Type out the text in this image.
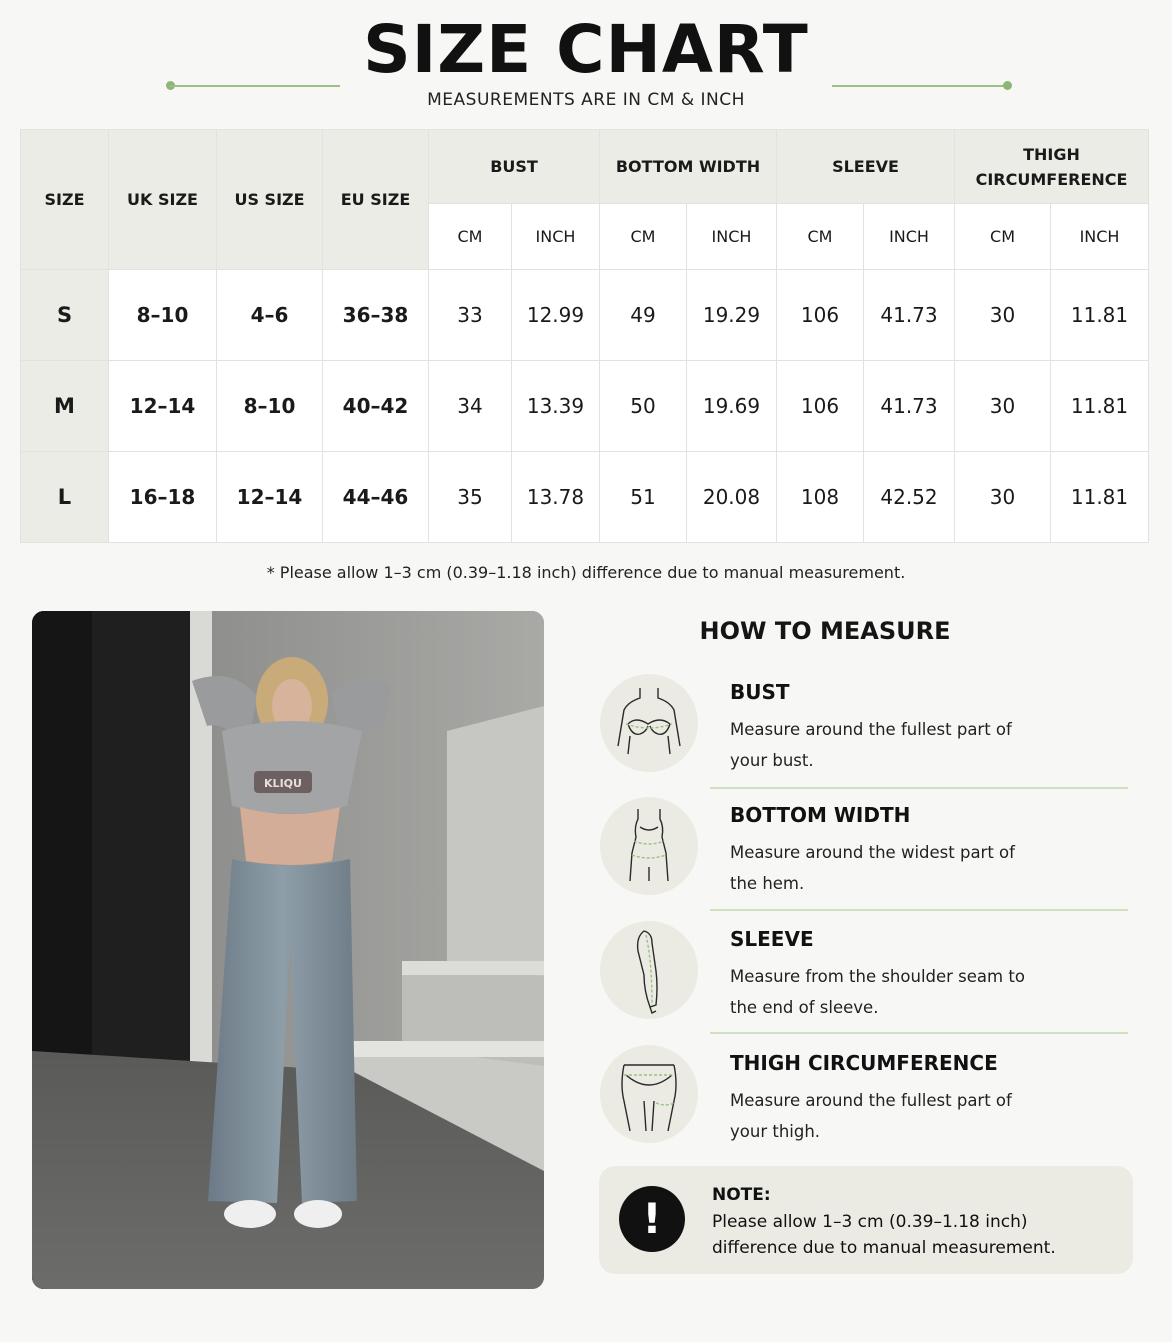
SIZE CHART
MEASUREMENTS ARE IN CM & INCH
SIZE	UK SIZE	US SIZE	EU SIZE	BUST		BOTTOM WIDTH		SLEEVE		THIGH
CIRCUMFERENCE	
				CM	INCH	CM	INCH	CM	INCH	CM	INCH
S	8–10	4–6	36–38	33	12.99	49	19.29	106	41.73	30	11.81
M	12–14	8–10	40–42	34	13.39	50	19.69	106	41.73	30	11.81
L	16–18	12–14	44–46	35	13.78	51	20.08	108	42.52	30	11.81
* Please allow 1–3 cm (0.39–1.18 inch) difference due to manual measurement.
KLIQU
HOW TO MEASURE
BUST
Measure around the fullest part of your bust.
BOTTOM WIDTH
Measure around the widest part of the hem.
SLEEVE
Measure from the shoulder seam to the end of sleeve.
THIGH CIRCUMFERENCE
Measure around the fullest part of your thigh.
!	NOTE:
Please allow 1–3 cm (0.39–1.18 inch) difference due to manual measurement.
